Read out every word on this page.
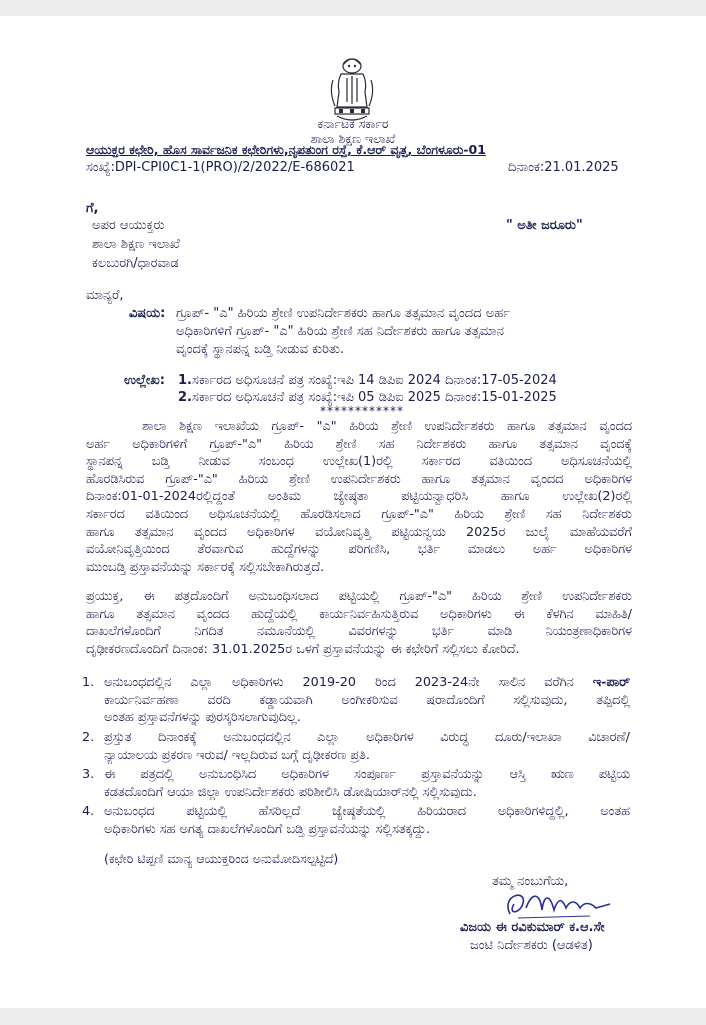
ಕರ್ನಾಟಕ ಸರ್ಕಾರ
ಶಾಲಾ ಶಿಕ್ಷಣ ಇಲಾಖೆ
ಆಯುಕ್ತರ ಕಛೇರಿ, ಹೊಸ ಸಾರ್ವಜನಿಕ ಕಛೇರಿಗಳು,ನೃಪತುಂಗ ರಸ್ತೆ, ಕೆ.ಆರ್ ವೃತ್ತ, ಬೆಂಗಳೂರು-01
ಸಂಖ್ಯೆ:DPI-CPI0C1-1(PRO)/2/2022/E-686021	ದಿನಾಂಕ:21.01.2025
ಗೆ,
ಅಪರ ಆಯುಕ್ತರು	" ಅತೀ ಜರೂರು"
ಶಾಲಾ ಶಿಕ್ಷಣ ಇಲಾಖೆ
ಕಲಬುರಗಿ/ಧಾರವಾಡ
ಮಾನ್ಯರೆ,
ವಿಷಯ: ಗ್ರೂಪ್- "ಎ" ಹಿರಿಯ ಶ್ರೇಣಿ ಉಪನಿರ್ದೇಶಕರು ಹಾಗೂ ತತ್ಸಮಾನ ವೃಂದದ ಅರ್ಹ
ಅಧಿಕಾರಿಗಳಿಗೆ ಗ್ರೂಪ್- "ಎ" ಹಿರಿಯ ಶ್ರೇಣಿ ಸಹ ನಿರ್ದೇಶಕರು ಹಾಗೂ ತತ್ಸಮಾನ
ವೃಂದಕ್ಕೆ ಸ್ಥಾನಪನ್ನ ಬಡ್ತಿ ನೀಡುವ ಕುರಿತು.
ಉಲ್ಲೇಖ: 1. ಸರ್ಕಾರದ ಅಧಿಸೂಚನೆ ಪತ್ರ ಸಂಖ್ಯೆ:ಇಪಿ 14 ಡಿಪಿಐ 2024 ದಿನಾಂಕ:17-05-2024
2. ಸರ್ಕಾರದ ಅಧಿಸೂಚನೆ ಪತ್ರ ಸಂಖ್ಯೆ:ಇಪಿ 05 ಡಿಪಿಐ 2025 ದಿನಾಂಕ:15-01-2025
************
ಶಾಲಾ ಶಿಕ್ಷಣ ಇಲಾಖೆಯ ಗ್ರೂಪ್- "ಎ" ಹಿರಿಯ ಶ್ರೇಣಿ ಉಪನಿರ್ದೇಶಕರು ಹಾಗೂ ತತ್ಸಮಾನ ವೃಂದದ
ಅರ್ಹ ಅಧಿಕಾರಿಗಳಿಗೆ ಗ್ರೂಪ್-"ಎ" ಹಿರಿಯ ಶ್ರೇಣಿ ಸಹ ನಿರ್ದೇಶಕರು ಹಾಗೂ ತತ್ಸಮಾನ ವೃಂದಕ್ಕೆ
ಸ್ಥಾನಪನ್ನ ಬಡ್ತಿ ನೀಡುವ ಸಂಬಂಧ ಉಲ್ಲೇಖ(1)ರಲ್ಲಿ ಸರ್ಕಾರದ ವತಿಯಿಂದ ಅಧಿಸೂಚನೆಯಲ್ಲಿ
ಹೊರಡಿಸಿರುವ ಗ್ರೂಪ್-"ಎ" ಹಿರಿಯ ಶ್ರೇಣಿ ಉಪನಿರ್ದೇಶಕರು ಹಾಗೂ ತತ್ಸಮಾನ ವೃಂದದ ಅಧಿಕಾರಿಗಳ
ದಿನಾಂಕ:01-01-2024ರಲ್ಲಿದ್ದಂತೆ ಅಂತಿಮ ಜ್ಯೇಷ್ಠತಾ ಪಟ್ಟಿಯನ್ವಾಧರಿಸಿ ಹಾಗೂ ಉಲ್ಲೇಖ(2)ರಲ್ಲಿ
ಸರ್ಕಾರದ ವತಿಯಿಂದ ಅಧಿಸೂಚನೆಯಲ್ಲಿ ಹೊರಡಿಸಲಾದ ಗ್ರೂಪ್-"ಎ" ಹಿರಿಯ ಶ್ರೇಣಿ ಸಹ ನಿರ್ದೇಶಕರು
ಹಾಗೂ ತತ್ಸಮಾನ ವೃಂದದ ಅಧಿಕಾರಿಗಳ ವಯೋನಿವೃತ್ತಿ ಪಟ್ಟಿಯನ್ವಯ 2025ರ ಜುಲೈ ಮಾಹೆಯವರೆಗೆ
ವಯೋನಿವೃತ್ತಿಯಿಂದ ತೆರವಾಗುವ ಹುದ್ದೆಗಳನ್ನು ಪರಿಗಣಿಸಿ, ಭರ್ತಿ ಮಾಡಲು ಅರ್ಹ ಅಧಿಕಾರಿಗಳ
ಮುಂಬಡ್ತಿ ಪ್ರಸ್ತಾವನೆಯನ್ನು ಸರ್ಕಾರಕ್ಕೆ ಸಲ್ಲಿಸಬೇಕಾಗಿರುತ್ತದೆ.
ಪ್ರಯುಕ್ತ, ಈ ಪತ್ರದೊಂದಿಗೆ ಅನುಬಂಧಿಸಲಾದ ಪಟ್ಟಿಯಲ್ಲಿ ಗ್ರೂಪ್-"ಎ" ಹಿರಿಯ ಶ್ರೇಣಿ ಉಪನಿರ್ದೇಶಕರು
ಹಾಗೂ ತತ್ಸಮಾನ ವೃಂದದ ಹುದ್ದೆಯಲ್ಲಿ ಕಾರ್ಯನಿರ್ವಹಿಸುತ್ತಿರುವ ಅಧಿಕಾರಿಗಳು ಈ ಕೆಳಗಿನ ಮಾಹಿತಿ/
ದಾಖಲೆಗಳೊಂದಿಗೆ ನಿಗದಿತ ನಮೂನೆಯಲ್ಲಿ ವಿವರಗಳನ್ನು ಭರ್ತಿ ಮಾಡಿ ನಿಯಂತ್ರಣಾಧಿಕಾರಿಗಳ
ದೃಢೀಕರಣದೊಂದಿಗೆ ದಿನಾಂಕ: 31.01.2025ರ ಒಳಗೆ ಪ್ರಸ್ತಾವನೆಯನ್ನು ಈ ಕಛೇರಿಗೆ ಸಲ್ಲಿಸಲು ಕೋರಿದೆ.
1. ಅನುಬಂಧದಲ್ಲಿನ ಎಲ್ಲಾ ಅಧಿಕಾರಿಗಳು 2019-20 ರಿಂದ 2023-24ನೇ ಸಾಲಿನ ವರೆಗಿನ ಇ-ಪಾರ್
ಕಾರ್ಯನಿರ್ವಹಣಾ ವರದಿ ಕಡ್ಡಾಯವಾಗಿ ಅಂಗೀಕರಿಸುವ ಷರಾದೊಂದಿಗೆ ಸಲ್ಲಿಸುವುದು, ತಪ್ಪಿದಲ್ಲಿ
ಅಂತಹ ಪ್ರಸ್ತಾವನೆಗಳನ್ನು ಪುರಸ್ಕರಿಸಲಾಗುವುದಿಲ್ಲ.
2. ಪ್ರಸ್ತುತ ದಿನಾಂಕಕ್ಕೆ ಅನುಬಂಧದಲ್ಲಿನ ಎಲ್ಲಾ ಅಧಿಕಾರಿಗಳ ವಿರುದ್ಧ ದೂರು/ಇಲಾಖಾ ವಿಚಾರಣೆ/
ನ್ಯಾಯಾಲಯ ಪ್ರಕರಣ ಇರುವ/ ಇಲ್ಲದಿರುವ ಬಗ್ಗೆ ದೃಢೀಕರಣ ಪ್ರತಿ.
3. ಈ ಪತ್ರದಲ್ಲಿ ಅನುಬಂಧಿಸಿದ ಅಧಿಕಾರಿಗಳ ಸಂಪೂರ್ಣ ಪ್ರಸ್ತಾವನೆಯನ್ನು ಆಸ್ತಿ ಋಣ ಪಟ್ಟಿಯ
ಕಡತದೊಂದಿಗೆ ಆಯಾ ಜಿಲ್ಲಾ ಉಪನಿರ್ದೇಶಕರು ಪರಿಶೀಲಿಸಿ ಡೋಷಿಯಾರ್‌ನಲ್ಲಿ ಸಲ್ಲಿಸುವುದು.
4. ಅನುಬಂಧದ ಪಟ್ಟಿಯಲ್ಲಿ ಹೆಸರಿಲ್ಲದೆ ಜ್ಯೇಷ್ಠತೆಯಲ್ಲಿ ಹಿರಿಯರಾದ ಅಧಿಕಾರಿಗಳಿದ್ದಲ್ಲಿ, ಅಂತಹ
ಅಧಿಕಾರಿಗಳು ಸಹ ಅಗತ್ಯ ದಾಖಲೆಗಳೊಂದಿಗೆ ಬಡ್ತಿ ಪ್ರಸ್ತಾವನೆಯನ್ನು ಸಲ್ಲಿಸತಕ್ಕದ್ದು.
(ಕಛೇರಿ ಟಿಪ್ಪಣಿ ಮಾನ್ಯ ಆಯುಕ್ತರಿಂದ ಅನುಮೋದಿಸಲ್ಪಟ್ಟಿದೆ)
ತಮ್ಮ ನಂಬುಗೆಯ,
ವಿಜಯ ಈ ರವಿಕುಮಾರ್ ಕ.ಆ.ಸೇ
ಜಂಟಿ ನಿರ್ದೇಶಕರು (ಆಡಳಿತ)
